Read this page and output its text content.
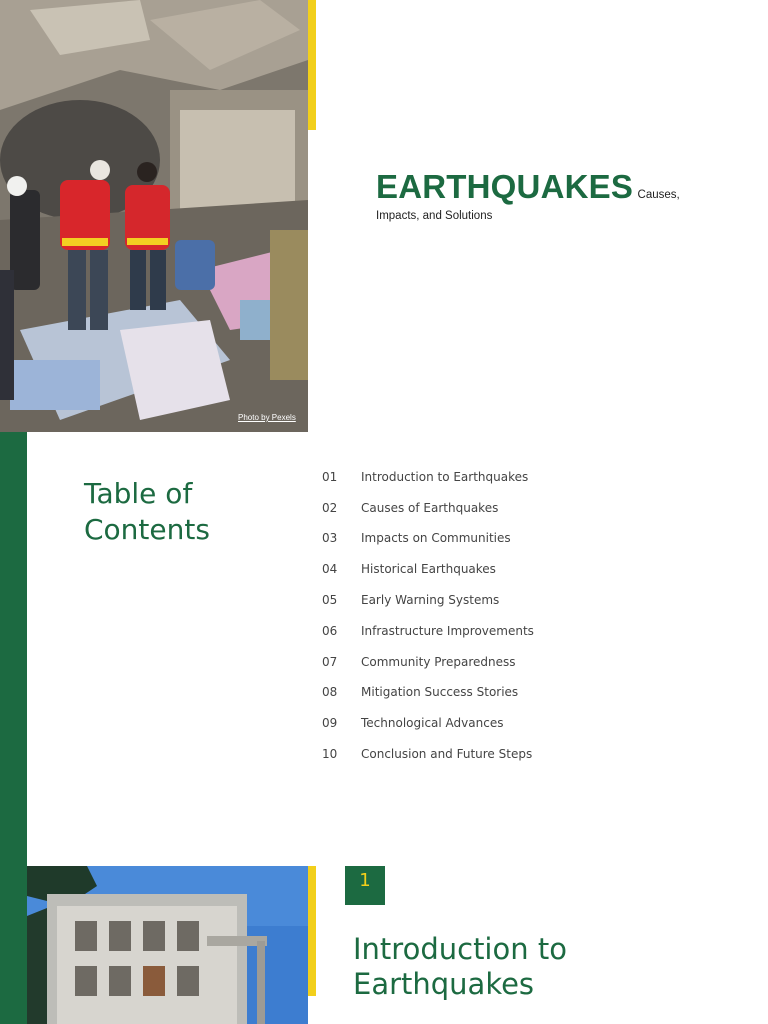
Photo by Pexels
EARTHQUAKES Causes, Impacts, and Solutions
Table of Contents
01 Introduction to Earthquakes
02 Causes of Earthquakes
03 Impacts on Communities
04 Historical Earthquakes
05 Early Warning Systems
06 Infrastructure Improvements
07 Community Preparedness
08 Mitigation Success Stories
09 Technological Advances
10 Conclusion and Future Steps
1
Introduction to Earthquakes
